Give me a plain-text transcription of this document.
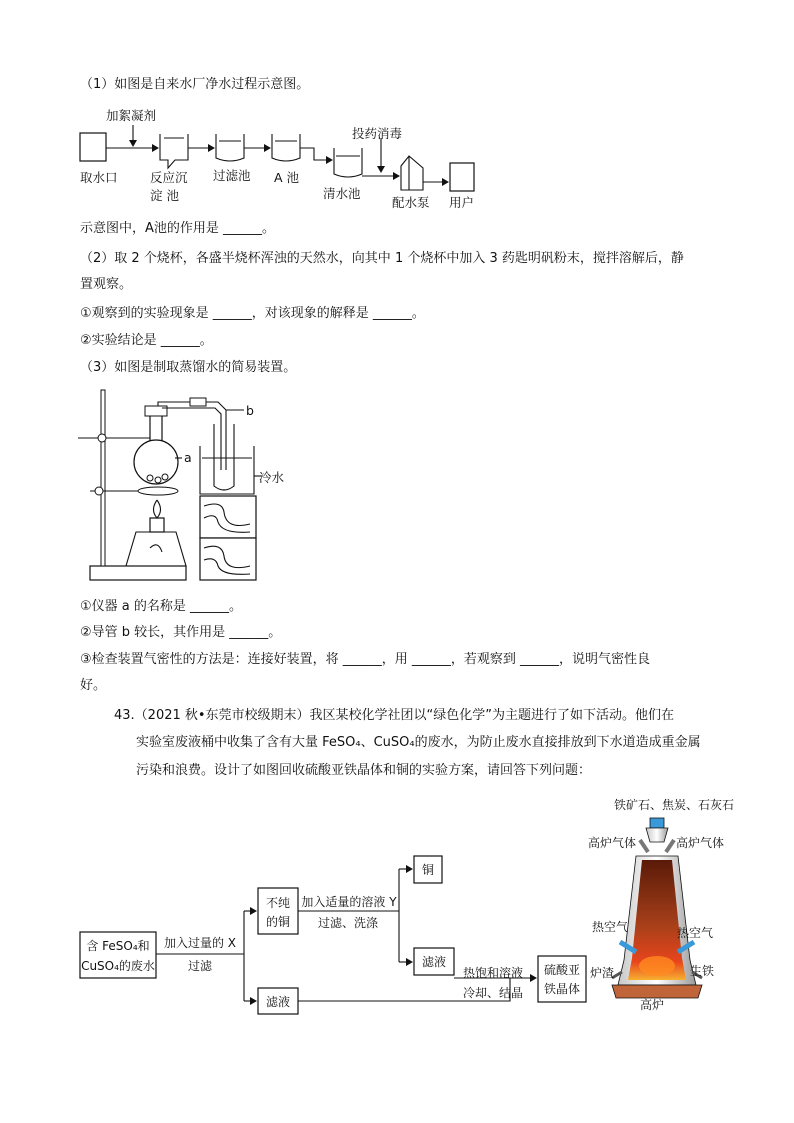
（1）如图是自来水厂净水过程示意图。
加絮凝剂
投药消毒
取水口	反应沉
淀 池
过滤池 A 池
清水池
配水泵 用户
示意图中，A池的作用是 ______。
（2）取 2 个烧杯，各盛半烧杯浑浊的天然水，向其中 1 个烧杯中加入 3 药匙明矾粉末，搅拌溶解后，静
置观察。
①观察到的实验现象是 ______，对该现象的解释是 ______。
②实验结论是 ______。
（3）如图是制取蒸馏水的简易装置。
a
b
冷水
①仪器 a 的名称是 ______。
②导管 b 较长，其作用是 ______。
③检查装置气密性的方法是：连接好装置，将 ______，用 ______，若观察到 ______，说明气密性良
好。
43.（2021 秋•东莞市校级期末）我区某校化学社团以“绿色化学”为主题进行了如下活动。他们在
实验室废液桶中收集了含有大量 FeSO₄、CuSO₄的废水，为防止废水直接排放到下水道造成重金属
污染和浪费。设计了如图回收硫酸亚铁晶体和铜的实验方案，请回答下列问题：
含 FeSO₄和
CuSO₄的废水
加入过量的 X
过滤
不纯
的铜
滤液
加入适量的溶液 Y
过滤、洗涤
铜
滤液
热饱和溶液
冷却、结晶
硫酸亚
铁晶体
铁矿石、焦炭、石灰石
高炉气体	高炉气体
热空气	热空气
炉渣	生铁
高炉
